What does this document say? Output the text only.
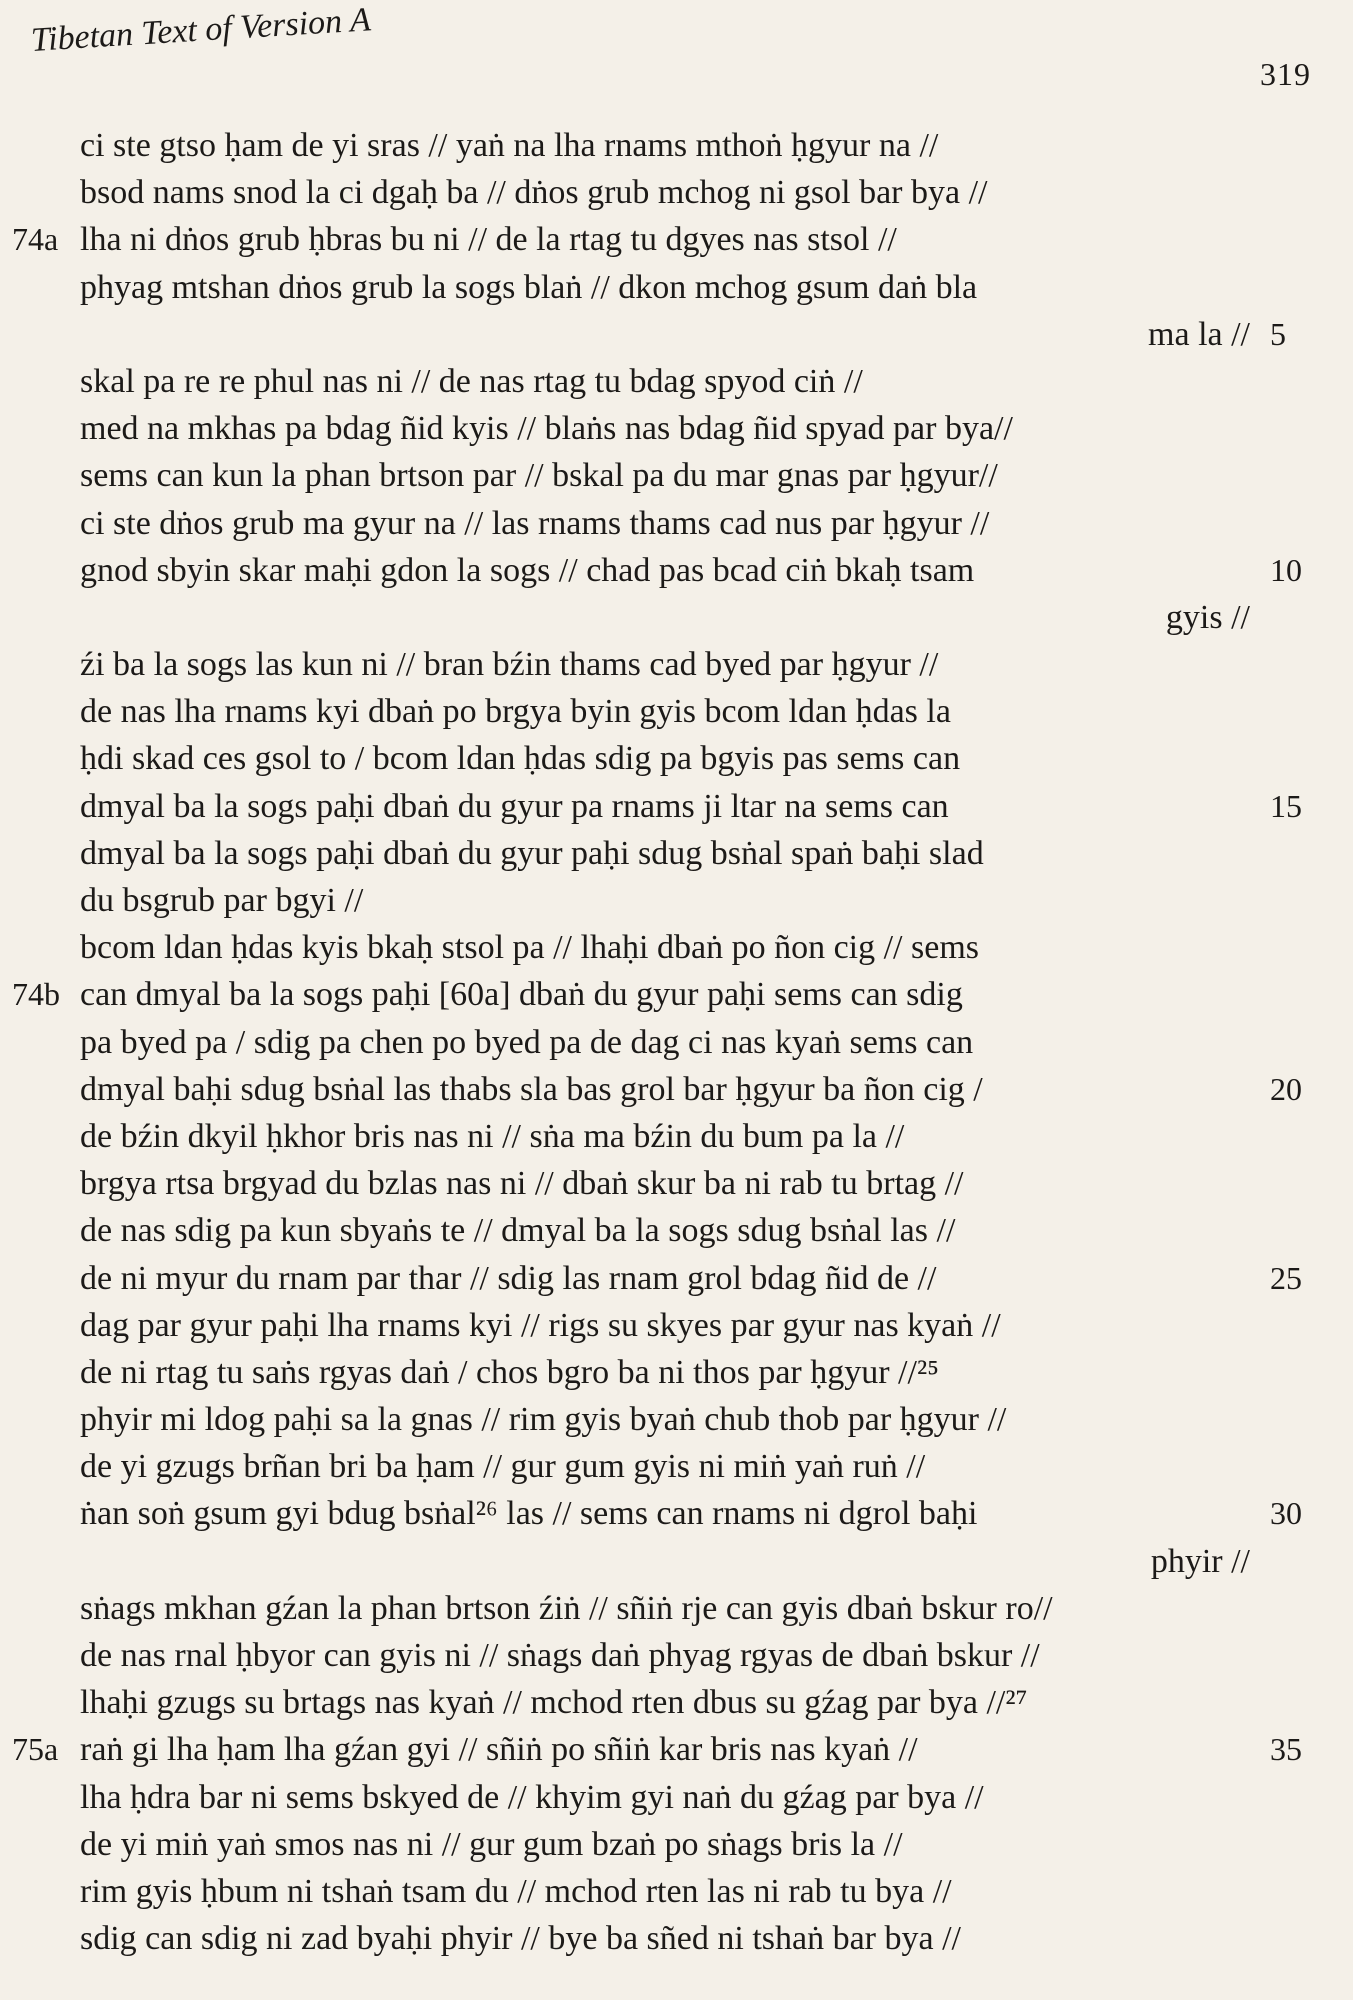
Tibetan Text of Version A
319
ci ste gtso ḥam de yi sras // yaṅ na lha rnams mthoṅ ḥgyur na //
bsod nams snod la ci dgaḥ ba // dṅos grub mchog ni gsol bar bya //
74a lha ni dṅos grub ḥbras bu ni // de la rtag tu dgyes nas stsol //
phyag mtshan dṅos grub la sogs blaṅ // dkon mchog gsum daṅ bla
ma la // 5
skal pa re re phul nas ni // de nas rtag tu bdag spyod ciṅ //
med na mkhas pa bdag ñid kyis // blaṅs nas bdag ñid spyad par bya//
sems can kun la phan brtson par // bskal pa du mar gnas par ḥgyur//
ci ste dṅos grub ma gyur na // las rnams thams cad nus par ḥgyur //
gnod sbyin skar maḥi gdon la sogs // chad pas bcad ciṅ bkaḥ tsam	10
gyis //
źi ba la sogs las kun ni // bran bźin thams cad byed par ḥgyur //
de nas lha rnams kyi dbaṅ po brgya byin gyis bcom ldan ḥdas la
ḥdi skad ces gsol to / bcom ldan ḥdas sdig pa bgyis pas sems can
dmyal ba la sogs paḥi dbaṅ du gyur pa rnams ji ltar na sems can	15
dmyal ba la sogs paḥi dbaṅ du gyur paḥi sdug bsṅal spaṅ baḥi slad
du bsgrub par bgyi //
bcom ldan ḥdas kyis bkaḥ stsol pa // lhaḥi dbaṅ po ñon cig // sems
74b can dmyal ba la sogs paḥi [60a] dbaṅ du gyur paḥi sems can sdig
pa byed pa / sdig pa chen po byed pa de dag ci nas kyaṅ sems can
dmyal baḥi sdug bsṅal las thabs sla bas grol bar ḥgyur ba ñon cig /	20
de bźin dkyil ḥkhor bris nas ni // sṅa ma bźin du bum pa la //
brgya rtsa brgyad du bzlas nas ni // dbaṅ skur ba ni rab tu brtag //
de nas sdig pa kun sbyaṅs te // dmyal ba la sogs sdug bsṅal las //
de ni myur du rnam par thar // sdig las rnam grol bdag ñid de //	25
dag par gyur paḥi lha rnams kyi // rigs su skyes par gyur nas kyaṅ //
de ni rtag tu saṅs rgyas daṅ / chos bgro ba ni thos par ḥgyur //²⁵
phyir mi ldog paḥi sa la gnas // rim gyis byaṅ chub thob par ḥgyur //
de yi gzugs brñan bri ba ḥam // gur gum gyis ni miṅ yaṅ ruṅ //
ṅan soṅ gsum gyi bdug bsṅal²⁶ las // sems can rnams ni dgrol baḥi	30
phyir //
sṅags mkhan gźan la phan brtson źiṅ // sñiṅ rje can gyis dbaṅ bskur ro//
de nas rnal ḥbyor can gyis ni // sṅags daṅ phyag rgyas de dbaṅ bskur //
lhaḥi gzugs su brtags nas kyaṅ // mchod rten dbus su gźag par bya //²⁷
75a raṅ gi lha ḥam lha gźan gyi // sñiṅ po sñiṅ kar bris nas kyaṅ //	35
lha ḥdra bar ni sems bskyed de // khyim gyi naṅ du gźag par bya //
de yi miṅ yaṅ smos nas ni // gur gum bzaṅ po sṅags bris la //
rim gyis ḥbum ni tshaṅ tsam du // mchod rten las ni rab tu bya //
sdig can sdig ni zad byaḥi phyir // bye ba sñed ni tshaṅ bar bya //
